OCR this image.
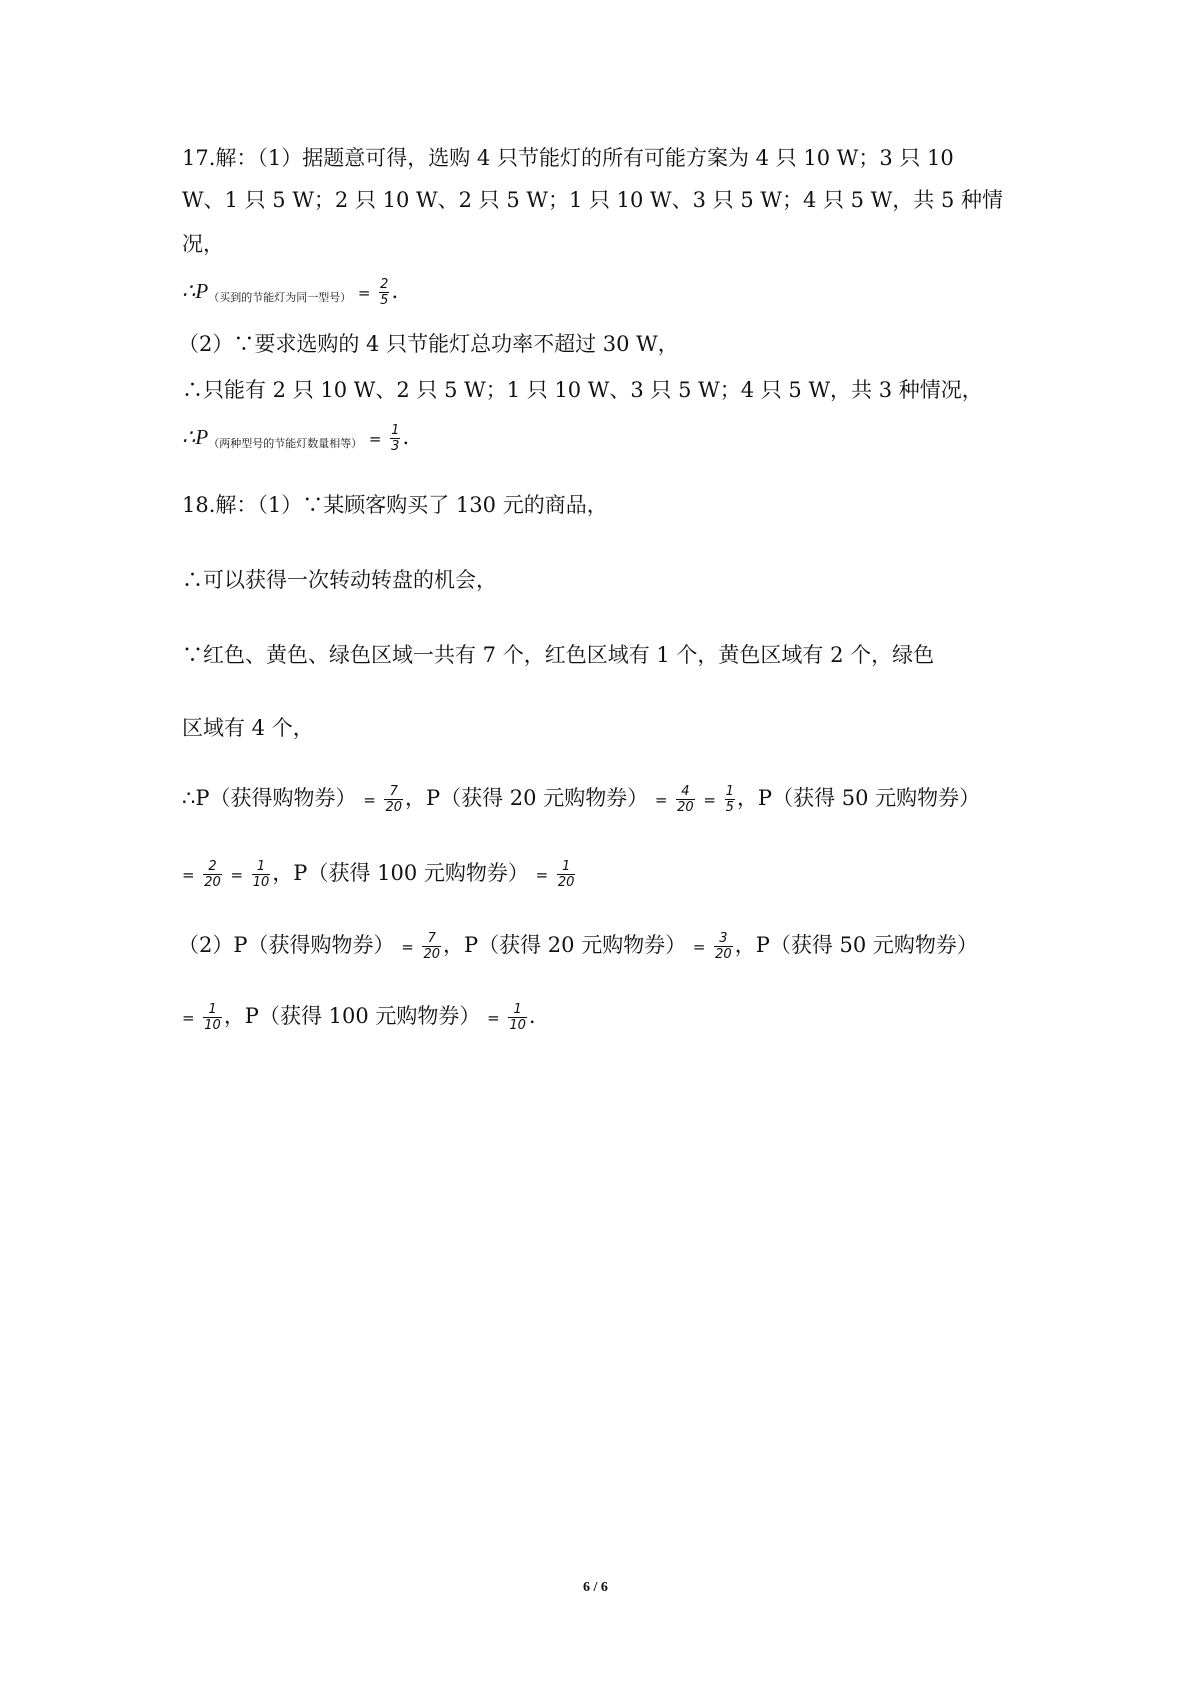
17.解：（1）据题意可得，选购 4 只节能灯的所有可能方案为 4 只 10 W；3 只 10
W、1 只 5 W；2 只 10 W、2 只 5 W；1 只 10 W、3 只 5 W；4 只 5 W，共 5 种情
况，
$\therefore P_{(买到的节能灯为同一型号)} = \frac{2}{5}$ .
（2）∵要求选购的 4 只节能灯总功率不超过 30 W，
∴只能有 2 只 10 W、2 只 5 W；1 只 10 W、3 只 5 W；4 只 5 W，共 3 种情况，
$\therefore P_{(两种型号的节能灯数量相等)} = \frac{1}{3}$ .
18.解：（1）∵某顾客购买了 130 元的商品，
∴可以获得一次转动转盘的机会，
∵红色、黄色、绿色区域一共有 7 个，红色区域有 1 个，黄色区域有 2 个，绿色
区域有 4 个，
∴P（获得购物券） = $\frac{7}{20}$ ，P（获得 20 元购物券） = $\frac{4}{20} = \frac{1}{5}$ ，P（获得 50 元购物券）
= $\frac{2}{20} = \frac{1}{10}$ ，P（获得 100 元购物券） = $\frac{1}{20}$
（2）P（获得购物券） = $\frac{7}{20}$ ，P（获得 20 元购物券） = $\frac{3}{20}$ ，P（获得 50 元购物券）
= $\frac{1}{10}$ ，P（获得 100 元购物券） = $\frac{1}{10}$ .
6 / 6
